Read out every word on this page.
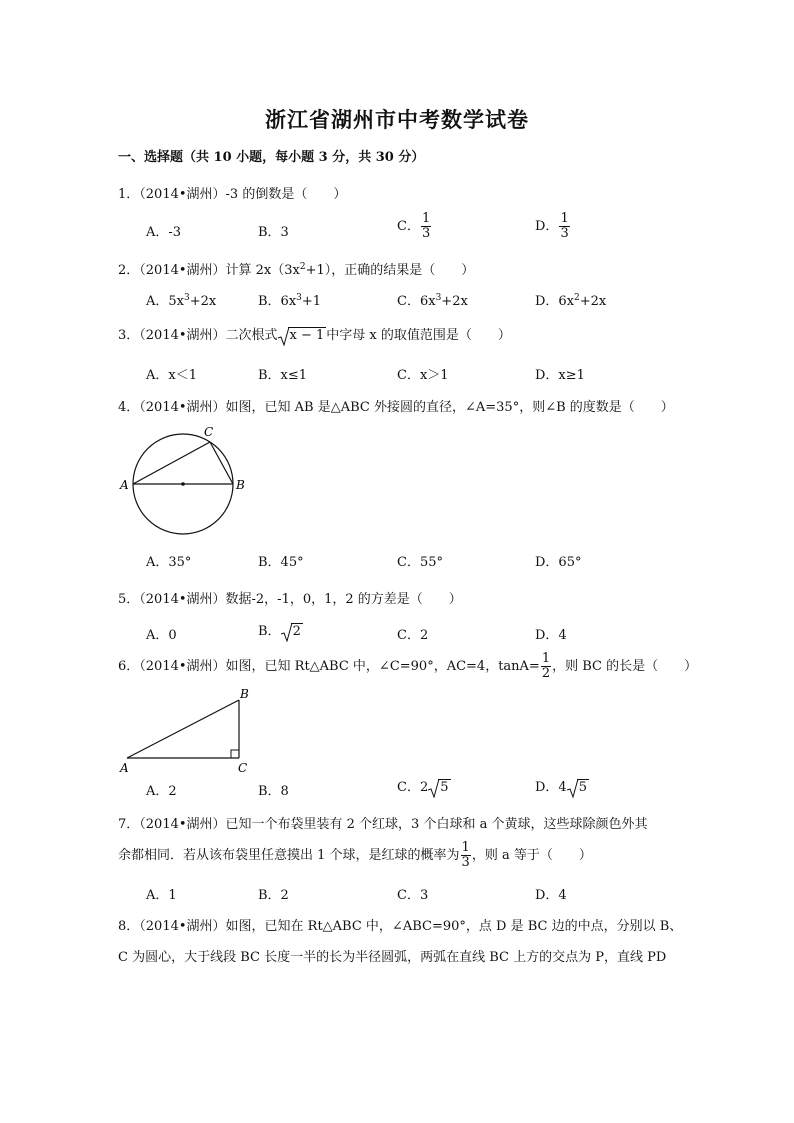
浙江省湖州市中考数学试卷
一、选择题（共 10 小题，每小题 3 分，共 30 分）
1．（2014•湖州）-3 的倒数是（　　）
A．-3	B．3	C． $\frac{1}{3}$	D． $\frac{1}{3}$
2．（2014•湖州）计算 $2x(3x^2+1)$，正确的结果是（　　）
A．$5x^3+2x$	B．$6x^3+1$	C．$6x^3+2x$	D．$6x^2+2x$
3．（2014•湖州）二次根式 x − 1 中字母 x 的取值范围是（　　）
A．x＜1	B．x≤1	C．x＞1	D．x≥1
4．（2014•湖州）如图，已知 AB 是△ABC 外接圆的直径，∠A=35°，则∠B 的度数是（　　）
A	B
C
A．35°	B．45°	C．55°	D．65°
5．（2014•湖州）数据-2，-1，0，1，2 的方差是（　　）
A．0	B． 2	C．2	D．4
6．（2014•湖州）如图，已知 Rt△ABC 中，∠C=90°，AC=4，$\tan A= \frac{1}{2}$ ，则 BC 的长是（　　）
A
B
C
A．2	B．8	C．2 5	D．4 5
7．（2014•湖州）已知一个布袋里装有 2 个红球，3 个白球和 a 个黄球，这些球除颜色外其
余都相同．若从该布袋里任意摸出 1 个球，是红球的概率为 $\frac{1}{3}$ ，则 a 等于（　　）
A．1	B．2	C．3	D．4
8．（2014•湖州）如图，已知在 Rt△ABC 中，∠ABC=90°，点 D 是 BC 边的中点，分别以 B、
C 为圆心，大于线段 BC 长度一半的长为半径圆弧，两弧在直线 BC 上方的交点为 P，直线 PD
